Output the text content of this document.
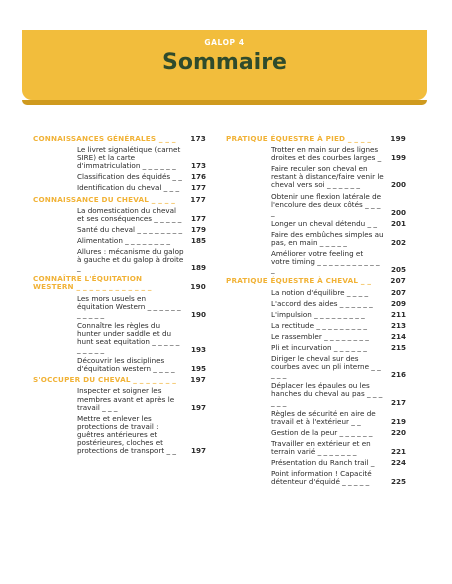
GALOP 4
Sommaire
CONNAISSANCES GÉNÉRALES _ _ _	173
Le livret signalétique (carnet SIRE) et la carte d'immatriculation _ _ _ _ _ _	173
Classification des équidés _ _	176
Identification du cheval _ _ _	177
CONNAISSANCE DU CHEVAL _ _ _ _	177
La domestication du cheval et ses conséquences _ _ _ _ _	177
Santé du cheval _ _ _ _ _ _ _ _	179
Alimentation _ _ _ _ _ _ _ _	185
Allures : mécanisme du galop à gauche et du galop à droite _	189
CONNAÎTRE L'ÉQUITATION WESTERN _ _ _ _ _ _ _ _ _ _ _ _	190
Les mors usuels en équitation Western _ _ _ _ _ _ _ _ _ _ _	190
Connaître les règles du hunter under saddle et du hunt seat equitation _ _ _ _ _ _ _ _ _ _	193
Découvrir les disciplines d'équitation western _ _ _ _	195
S'OCCUPER DU CHEVAL _ _ _ _ _ _ _	197
Inspecter et soigner les membres avant et après le travail _ _ _	197
Mettre et enlever les protections de travail : guêtres antérieures et postérieures, cloches et protections de transport _ _	197
PRATIQUE ÉQUESTRE À PIED _ _ _ _	199
Trotter en main sur des lignes droites et des courbes larges _	199
Faire reculer son cheval en restant à distance/faire venir le cheval vers soi _ _ _ _ _ _	200
Obtenir une flexion latérale de l'encolure des deux côtés _ _ _ _	200
Longer un cheval détendu _ _	201
Faire des embûches simples au pas, en main _ _ _ _ _	202
Améliorer votre feeling et votre timing _ _ _ _ _ _ _ _ _ _ _ _	205
PRATIQUE ÉQUESTRE À CHEVAL _ _	207
La notion d'équilibre _ _ _ _	207
L'accord des aides _ _ _ _ _ _	209
L'impulsion _ _ _ _ _ _ _ _ _	211
La rectitude _ _ _ _ _ _ _ _ _	213
Le rassembler _ _ _ _ _ _ _ _	214
Pli et incurvation _ _ _ _ _ _	215
Diriger le cheval sur des courbes avec un pli interne _ _ _ _ _	216
Déplacer les épaules ou les hanches du cheval au pas _ _ _ _ _ _	217
Règles de sécurité en aire de travail et à l'extérieur _ _	219
Gestion de la peur _ _ _ _ _ _	220
Travailler en extérieur et en terrain varié _ _ _ _ _ _ _	221
Présentation du Ranch trail _	224
Point information ! Capacité détenteur d'équidé _ _ _ _ _	225
